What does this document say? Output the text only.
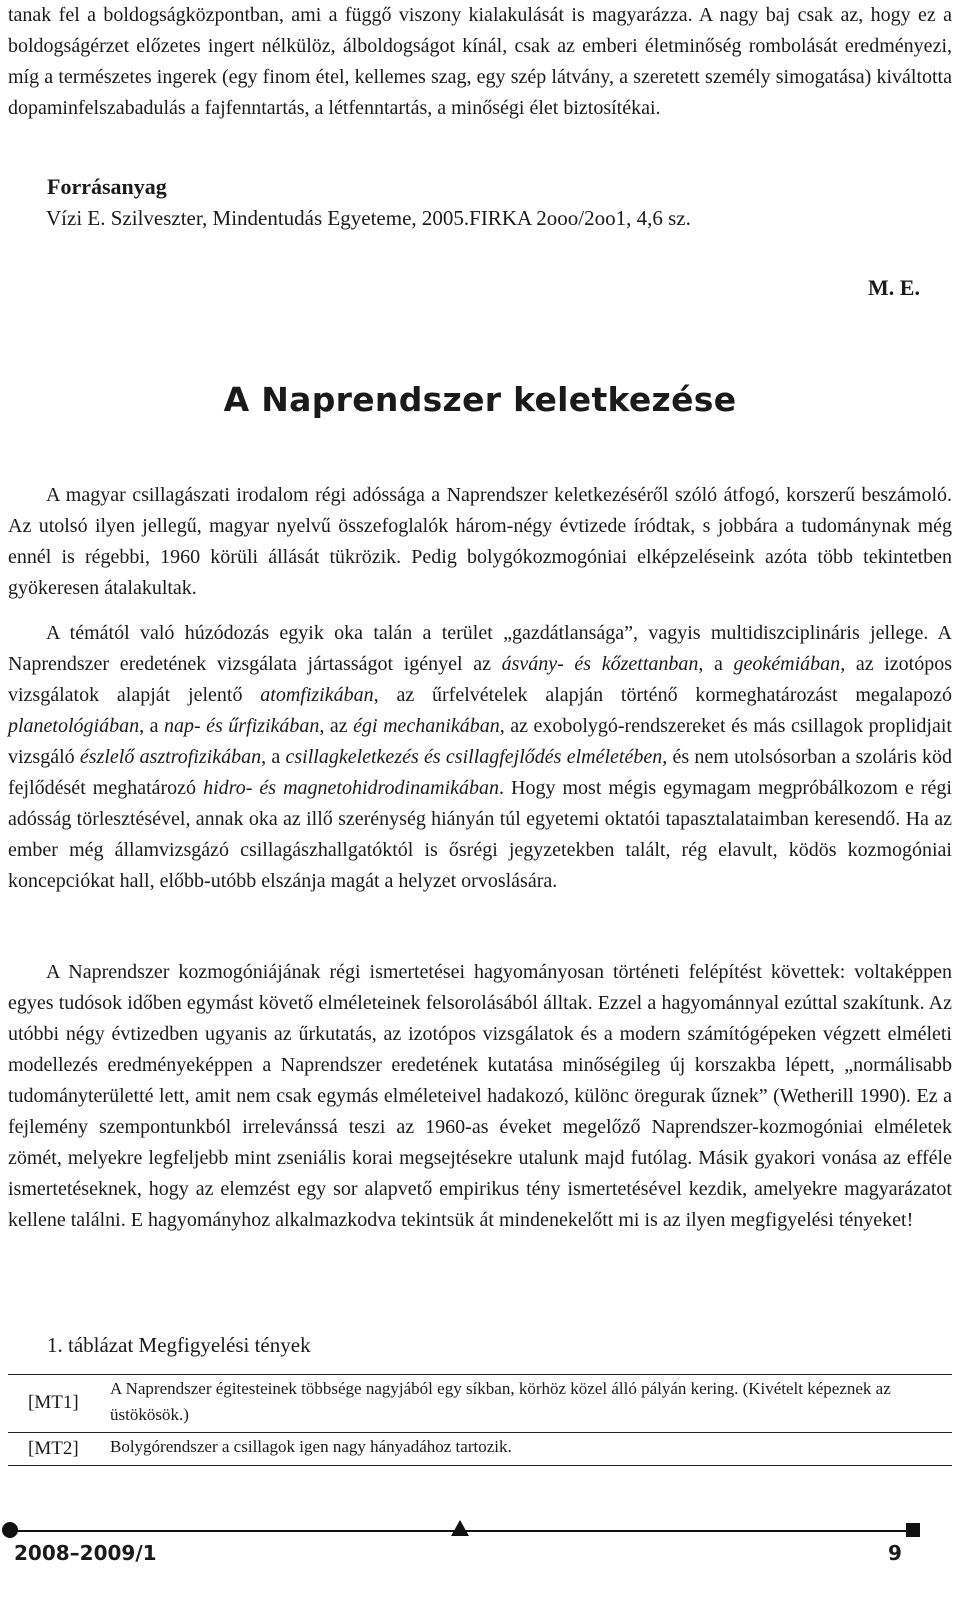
tanak fel a boldogságközpontban, ami a függő viszony kialakulását is magyarázza. A nagy baj csak az, hogy ez a boldogságérzet előzetes ingert nélkülöz, álboldogságot kínál, csak az emberi életminőség rombolását eredményezi, míg a természetes ingerek (egy finom étel, kellemes szag, egy szép látvány, a szeretett személy simogatása) kiváltotta dopaminfelszabadulás a fajfenntartás, a létfenntartás, a minőségi élet biztosítékai.

Forrásanyag
Vízi E. Szilveszter, Mindentudás Egyeteme, 2005.FIRKA 2ooo/2oo1, 4,6 sz.
M. E.
A Naprendszer keletkezése

A magyar csillagászati irodalom régi adóssága a Naprendszer keletkezéséről szóló átfogó, korszerű beszámoló. Az utolsó ilyen jellegű, magyar nyelvű összefoglalók három-négy évtizede íródtak, s jobbára a tudománynak még ennél is régebbi, 1960 körüli állását tükrözik. Pedig bolygókozmogóniai elképzeléseink azóta több tekintetben gyökeresen átalakultak.

A témától való húzódozás egyik oka talán a terület „gazdátlansága”, vagyis multidiszciplináris jellege. A Naprendszer eredetének vizsgálata jártasságot igényel az ásvány- és kőzettanban, a geokémiában, az izotópos vizsgálatok alapját jelentő atomfizikában, az űrfelvételek alapján történő kormeghatározást megalapozó planetológiában, a nap- és űrfizikában, az égi mechanikában, az exobolygó-rendszereket és más csillagok proplidjait vizsgáló észlelő asztrofizikában, a csillagkeletkezés és csillagfejlődés elméletében, és nem utolsósorban a szoláris köd fejlődését meghatározó hidro- és magnetohidrodinamikában. Hogy most mégis egymagam megpróbálkozom e régi adósság törlesztésével, annak oka az illő szerénység hiányán túl egyetemi oktatói tapasztalataimban keresendő. Ha az ember még államvizsgázó csillagászhallgatóktól is ősrégi jegyzetekben talált, rég elavult, ködös kozmogóniai koncepciókat hall, előbb-utóbb elszánja magát a helyzet orvoslására.

A Naprendszer kozmogóniájának régi ismertetései hagyományosan történeti felépítést követtek: voltaképpen egyes tudósok időben egymást követő elméleteinek felsorolásából álltak. Ezzel a hagyománnyal ezúttal szakítunk. Az utóbbi négy évtizedben ugyanis az űrkutatás, az izotópos vizsgálatok és a modern számítógépeken végzett elméleti modellezés eredményeképpen a Naprendszer eredetének kutatása minőségileg új korszakba lépett, „normálisabb tudományterületté lett, amit nem csak egymás elméleteivel hadakozó, különc öregurak űznek” (Wetherill 1990). Ez a fejlemény szempontunkból irrelevánssá teszi az 1960-as éveket megelőző Naprendszer-kozmogóniai elméletek zömét, melyekre legfeljebb mint zseniális korai megsejtésekre utalunk majd futólag. Másik gyakori vonása az efféle ismertetéseknek, hogy az elemzést egy sor alapvető empirikus tény ismertetésével kezdik, amelyekre magyarázatot kellene találni. E hagyományhoz alkalmazkodva tekintsük át mindenekelőtt mi is az ilyen megfigyelési tényeket!

1. táblázat Megfigyelési tények
[MT1]
A Naprendszer égitesteinek többsége nagyjából egy síkban, körhöz közel álló pályán kering. (Kivételt képeznek az üstökösök.)
[MT2] Bolygórendszer a csillagok igen nagy hányadához tartozik.
2008–2009/1	9
